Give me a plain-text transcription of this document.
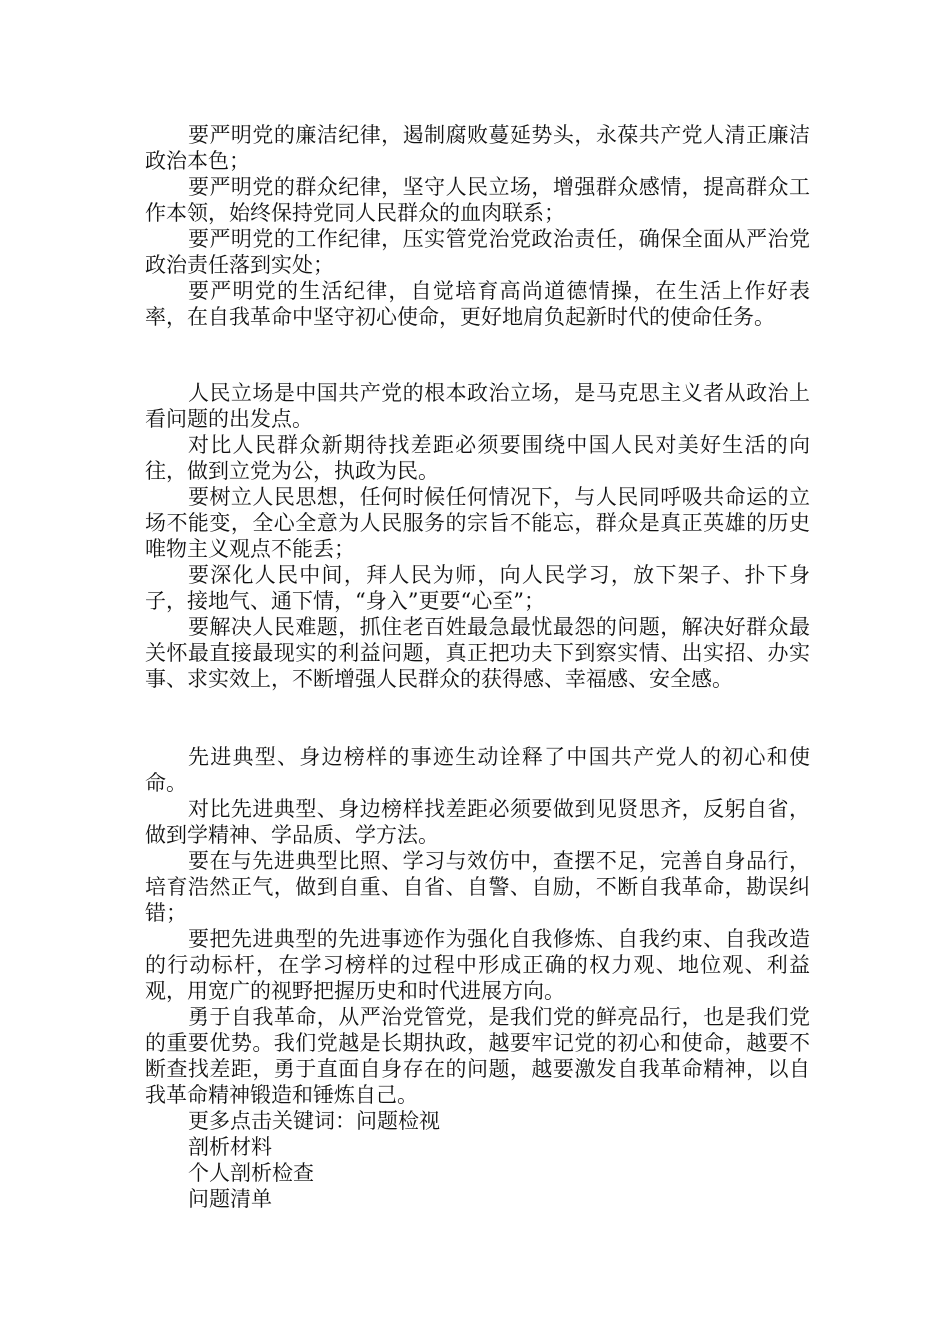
要严明党的廉洁纪律，遏制腐败蔓延势头，永葆共产党人清正廉洁政治本色；

要严明党的群众纪律，坚守人民立场，增强群众感情，提高群众工作本领，始终保持党同人民群众的血肉联系；

要严明党的工作纪律，压实管党治党政治责任，确保全面从严治党政治责任落到实处；

要严明党的生活纪律，自觉培育高尚道德情操，在生活上作好表率，在自我革命中坚守初心使命，更好地肩负起新时代的使命任务。

人民立场是中国共产党的根本政治立场，是马克思主义者从政治上看问题的出发点。

对比人民群众新期待找差距必须要围绕中国人民对美好生活的向往，做到立党为公，执政为民。

要树立人民思想，任何时候任何情况下，与人民同呼吸共命运的立场不能变，全心全意为人民服务的宗旨不能忘，群众是真正英雄的历史唯物主义观点不能丢；

要深化人民中间，拜人民为师，向人民学习，放下架子、扑下身子，接地气、通下情，“身入”更要“心至”；

要解决人民难题，抓住老百姓最急最忧最怨的问题，解决好群众最关怀最直接最现实的利益问题，真正把功夫下到察实情、出实招、办实事、求实效上，不断增强人民群众的获得感、幸福感、安全感。

先进典型、身边榜样的事迹生动诠释了中国共产党人的初心和使命。

对比先进典型、身边榜样找差距必须要做到见贤思齐，反躬自省，做到学精神、学品质、学方法。

要在与先进典型比照、学习与效仿中，查摆不足，完善自身品行，培育浩然正气，做到自重、自省、自警、自励，不断自我革命，勘误纠错；

要把先进典型的先进事迹作为强化自我修炼、自我约束、自我改造的行动标杆，在学习榜样的过程中形成正确的权力观、地位观、利益观，用宽广的视野把握历史和时代进展方向。

勇于自我革命，从严治党管党，是我们党的鲜亮品行，也是我们党的重要优势。我们党越是长期执政，越要牢记党的初心和使命，越要不断查找差距，勇于直面自身存在的问题，越要激发自我革命精神，以自我革命精神锻造和锤炼自己。

更多点击关键词：问题检视

剖析材料

个人剖析检查

问题清单
